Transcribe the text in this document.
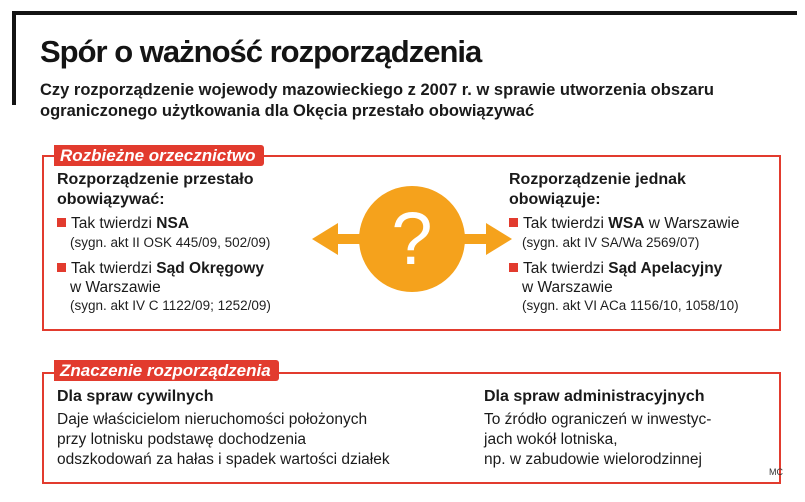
Spór o ważność rozporządzenia
Czy rozporządzenie wojewody mazowieckiego z 2007 r. w sprawie utworzenia obszaru ograniczonego użytkowania dla Okęcia przestało obowiązywać
Rozbieżne orzecznictwo
Rozporządzenie przestało
obowiązywać:
Tak twierdzi NSA
(sygn. akt II OSK 445/09, 502/09)
Tak twierdzi Sąd Okręgowy
w Warszawie
(sygn. akt IV C 1122/09; 1252/09)
?
Rozporządzenie jednak
obowiązuje:
Tak twierdzi WSA w Warszawie
(sygn. akt IV SA/Wa 2569/07)
Tak twierdzi Sąd Apelacyjny
w Warszawie
(sygn. akt VI ACa 1156/10, 1058/10)
Znaczenie rozporządzenia
Dla spraw cywilnych
Daje właścicielom nieruchomości położonych
przy lotnisku podstawę dochodzenia
odszkodowań za hałas i spadek wartości działek
Dla spraw administracyjnych
To źródło ograniczeń w inwestyc-
jach wokół lotniska,
np. w zabudowie wielorodzinnej
MC
